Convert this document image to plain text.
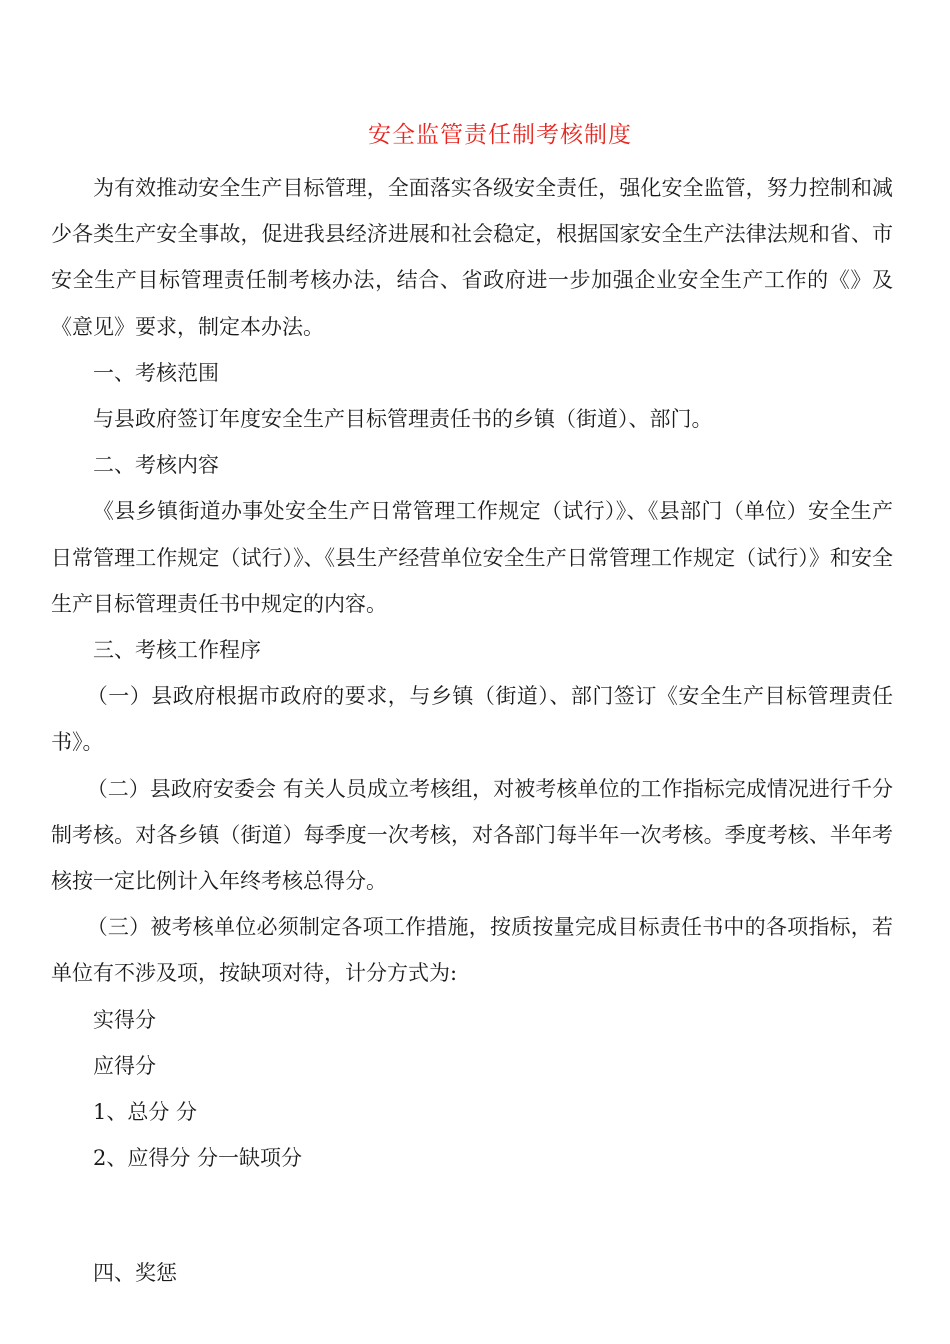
安全监管责任制考核制度

为有效推动安全生产目标管理，全面落实各级安全责任，强化安全监管，努力控制和减少各类生产安全事故，促进我县经济进展和社会稳定，根据国家安全生产法律法规和省、市安全生产目标管理责任制考核办法，结合、省政府进一步加强企业安全生产工作的《》及《意见》要求，制定本办法。

一、考核范围

与县政府签订年度安全生产目标管理责任书的乡镇（街道）、部门。

二、考核内容

《县乡镇街道办事处安全生产日常管理工作规定（试行）》、《县部门（单位）安全生产日常管理工作规定（试行）》、《县生产经营单位安全生产日常管理工作规定（试行）》和安全生产目标管理责任书中规定的内容。

三、考核工作程序

（一）县政府根据市政府的要求，与乡镇（街道）、部门签订《安全生产目标管理责任书》。

（二）县政府安委会 有关人员成立考核组，对被考核单位的工作指标完成情况进行千分制考核。对各乡镇（街道）每季度一次考核，对各部门每半年一次考核。季度考核、半年考核按一定比例计入年终考核总得分。

（三）被考核单位必须制定各项工作措施，按质按量完成目标责任书中的各项指标，若单位有不涉及项，按缺项对待，计分方式为:

实得分

应得分

1、总分 分

2、应得分 分一缺项分

四、奖惩
